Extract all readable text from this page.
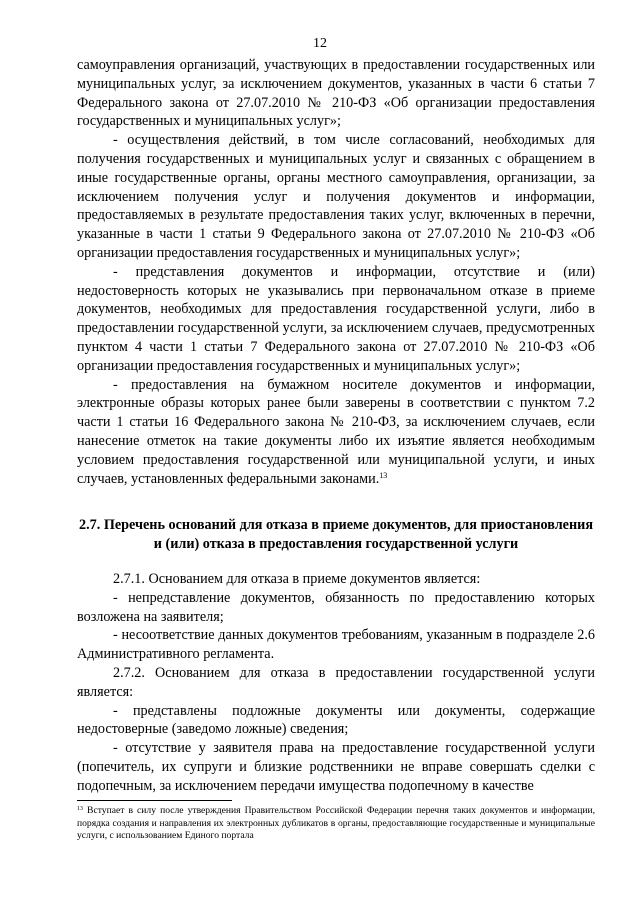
12

самоуправления организаций, участвующих в предоставлении государственных или муниципальных услуг, за исключением документов, указанных в части 6 статьи 7 Федерального закона от 27.07.2010 № 210-ФЗ «Об организации предоставления государственных и муниципальных услуг»;

- осуществления действий, в том числе согласований, необходимых для получения государственных и муниципальных услуг и связанных с обращением в иные государственные органы, органы местного самоуправления, организации, за исключением получения услуг и получения документов и информации, предоставляемых в результате предоставления таких услуг, включенных в перечни, указанные в части 1 статьи 9 Федерального закона от 27.07.2010 № 210-ФЗ «Об организации предоставления государственных и муниципальных услуг»;

- представления документов и информации, отсутствие и (или) недостоверность которых не указывались при первоначальном отказе в приеме документов, необходимых для предоставления государственной услуги, либо в предоставлении государственной услуги, за исключением случаев, предусмотренных пунктом 4 части 1 статьи 7 Федерального закона от 27.07.2010 № 210-ФЗ «Об организации предоставления государственных и муниципальных услуг»;

- предоставления на бумажном носителе документов и информации, электронные образы которых ранее были заверены в соответствии с пунктом 7.2 части 1 статьи 16 Федерального закона № 210-ФЗ, за исключением случаев, если нанесение отметок на такие документы либо их изъятие является необходимым условием предоставления государственной или муниципальной услуги, и иных случаев, установленных федеральными законами.$^{13}$

2.7. Перечень оснований для отказа в приеме документов, для приостановления и (или) отказа в предоставления государственной услуги

2.7.1. Основанием для отказа в приеме документов является:

- непредставление документов, обязанность по предоставлению которых возложена на заявителя;

- несоответствие данных документов требованиям, указанным в подразделе 2.6 Административного регламента.

2.7.2. Основанием для отказа в предоставлении государственной услуги является:

- представлены подложные документы или документы, содержащие недостоверные (заведомо ложные) сведения;

- отсутствие у заявителя права на предоставление государственной услуги (попечитель, их супруги и близкие родственники не вправе совершать сделки с подопечным, за исключением передачи имущества подопечному в качестве

$^{13}$ Вступает в силу после утверждения Правительством Российской Федерации перечня таких документов и информации, порядка создания и направления их электронных дубликатов в органы, предоставляющие государственные и муниципальные услуги, с использованием Единого портала
